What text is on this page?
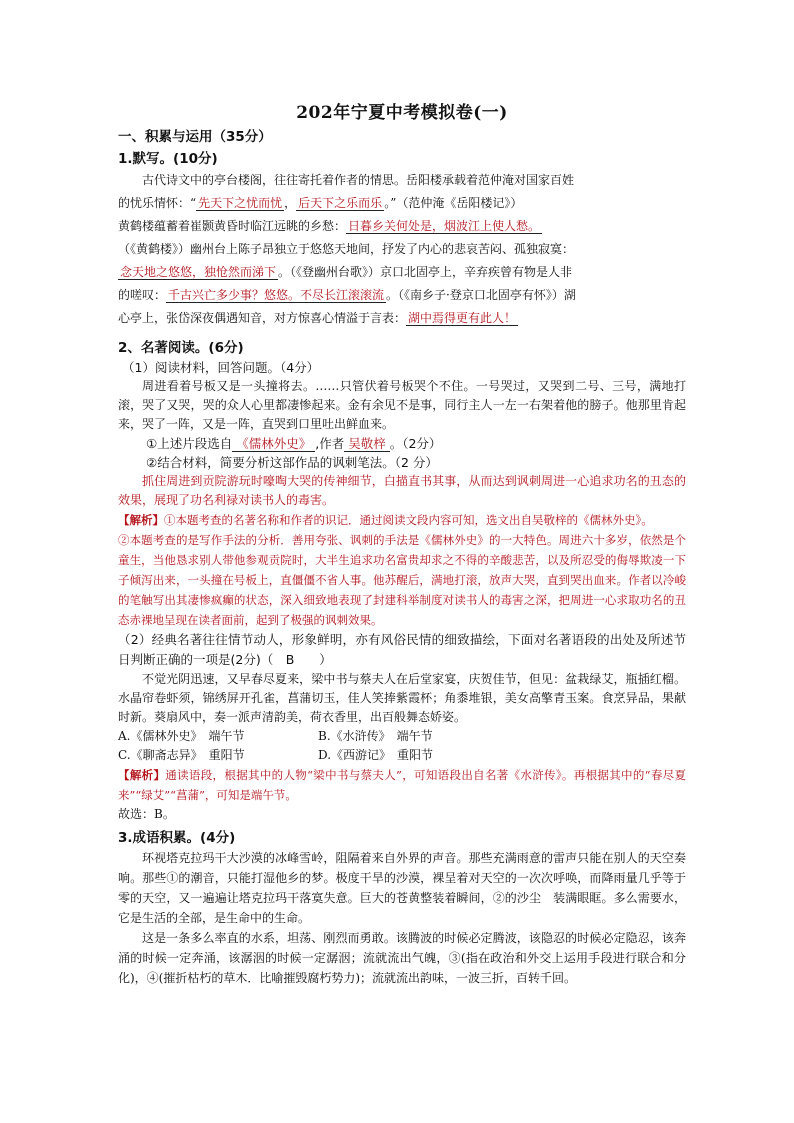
202年宁夏中考模拟卷(一)
一、积累与运用（35分）
1.默写。(10分)

古代诗文中的亭台楼阁，往往寄托着作者的情思。岳阳楼承载着范仲淹对国家百姓

的忧乐情怀：“ 先天下之忧而忧 ， 后天下之乐而乐 。”（范仲淹《岳阳楼记》）

黄鹤楼蕴蓄着崔颢黄昏时临江远眺的乡愁： 日暮乡关何处是，烟波江上使人愁。

（《黄鹤楼》）幽州台上陈子昂独立于悠悠天地间，抒发了内心的悲哀苦闷、孤独寂寞：

念天地之悠悠，独怆然而涕下 。（《登幽州台歌》）京口北固亭上，辛弃疾曾有物是人非

的嗟叹： 千古兴亡多少事？悠悠。不尽长江滚滚流 。（《南乡子·登京口北固亭有怀》）湖

心亭上，张岱深夜偶遇知音，对方惊喜心情溢于言表： 湖中焉得更有此人！

2、名著阅读。(6分)
（1）阅读材料，回答问题。（4分）

周进看着号板又是一头撞将去。……只管伏着号板哭个不住。一号哭过，又哭到二号、三号，满地打滚，哭了又哭，哭的众人心里都凄惨起来。金有余见不是事，同行主人一左一右架着他的膀子。他那里肯起来，哭了一阵，又是一阵，直哭到口里吐出鲜血来。

①上述片段选自 《儒林外史》 ,作者 吴敬梓 。（2分）
②结合材料，简要分析这部作品的讽刺笔法。（2 分）

抓住周进到贡院游玩时嚎啕大哭的传神细节，白描直书其事，从而达到讽刺周进一心追求功名的丑态的效果，展现了功名利禄对读书人的毒害。

【解析】①本题考查的名著名称和作者的识记．通过阅读文段内容可知，选文出自吴敬梓的《儒林外史》。

②本题考查的是写作手法的分析．善用夸张、讽刺的手法是《儒林外史》的一大特色。周进六十多岁，依然是个童生，当他恳求别人带他参观贡院时，大半生追求功名富贵却求之不得的辛酸悲苦，以及所忍受的侮辱欺凌一下子倾泻出来，一头撞在号板上，直僵僵不省人事。他苏醒后，满地打滚，放声大哭，直到哭出血来。作者以冷峻的笔触写出其凄惨疯癫的状态，深入细致地表现了封建科举制度对读书人的毒害之深，把周进一心求取功名的丑态赤裸地呈现在读者面前，起到了极强的讽刺效果。

（2）经典名著往往情节动人，形象鲜明，亦有风俗民情的细致描绘，下面对名著语段的出处及所述节日判断正确的一项是(2分)（　B　　）

不觉光阴迅速，又早春尽夏来，梁中书与蔡夫人在后堂家宴，庆贺佳节，但见：盆栽绿艾，瓶插红榴。水晶帘卷虾须，锦绣屏开孔雀，菖蒲切玉，佳人笑捧紫霞杯；角黍堆银，美女高擎青玉案。食烹异品，果献时新。葵扇风中，奏一派声清韵美，荷衣香里，出百般舞态娇姿。

A.《儒林外史》　端午节	B.《水浒传》　端午节
C.《聊斋志异》　重阳节	D.《西游记》　重阳节

【解析】通读语段，根据其中的人物“梁中书与蔡夫人”，可知语段出自名著《水浒传》。再根据其中的“春尽夏来”“绿艾”“菖蒲”，可知是端午节。

故选：B。

3.成语积累。(4分)

环视塔克拉玛干大沙漠的冰峰雪岭，阻隔着来自外界的声音。那些充满雨意的雷声只能在别人的天空奏响。那些①的潮音，只能打湿他乡的梦。极度干旱的沙漠，裸呈着对天空的一次次呼唤，而降雨量几乎等于零的天空，又一遍遍让塔克拉玛干落寞失意。巨大的苍黄整装着瞬间，②的沙尘　装满眼眶。多么需要水，它是生活的全部，是生命中的生命。

这是一条多么率直的水系，坦荡、刚烈而勇敢。该腾波的时候必定腾波，该隐忍的时候必定隐忍，该奔涌的时候一定奔涌，该潺洇的时候一定潺洇；流就流出气魄，③(指在政治和外交上运用手段进行联合和分化)，④(摧折枯朽的草木．比喻摧毁腐朽势力)；流就流出韵味，一波三折，百转千回。
